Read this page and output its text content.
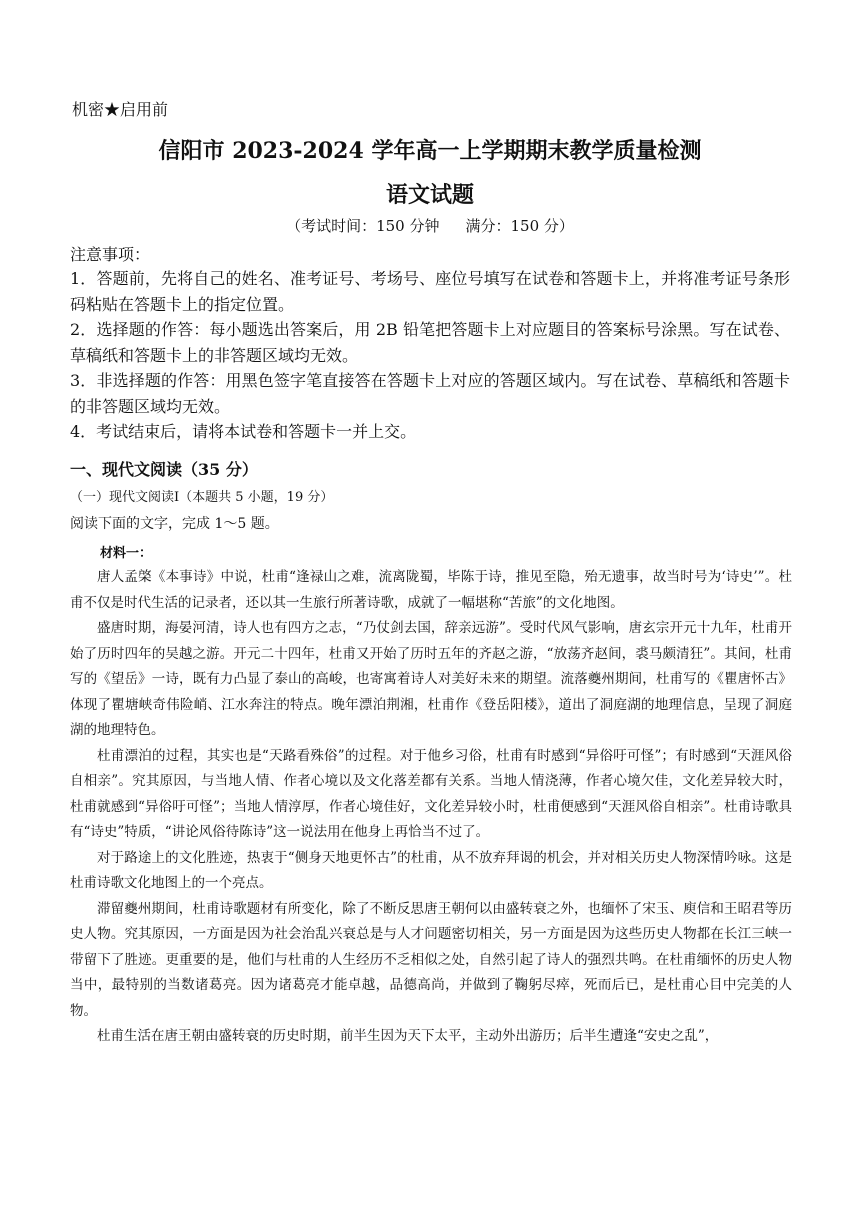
机密★启用前
信阳市 2023-2024 学年高一上学期期末教学质量检测
语文试题
（考试时间：150 分钟 满分：150 分）
注意事项：

1．答题前，先将自己的姓名、准考证号、考场号、座位号填写在试卷和答题卡上，并将准考证号条形码粘贴在答题卡上的指定位置。

2．选择题的作答：每小题选出答案后，用 2B 铅笔把答题卡上对应题目的答案标号涂黑。写在试卷、草稿纸和答题卡上的非答题区域均无效。

3．非选择题的作答：用黑色签字笔直接答在答题卡上对应的答题区域内。写在试卷、草稿纸和答题卡的非答题区域均无效。

4．考试结束后，请将本试卷和答题卡一并上交。

一、现代文阅读（35 分）
（一）现代文阅读Ⅰ（本题共 5 小题，19 分）
阅读下面的文字，完成 1～5 题。
材料一：

唐人孟棨《本事诗》中说，杜甫“逢禄山之难，流离陇蜀，毕陈于诗，推见至隐，殆无遗事，故当时号为‘诗史’”。杜甫不仅是时代生活的记录者，还以其一生旅行所著诗歌，成就了一幅堪称“苦旅”的文化地图。

盛唐时期，海晏河清，诗人也有四方之志，“乃仗剑去国，辞亲远游”。受时代风气影响，唐玄宗开元十九年，杜甫开始了历时四年的吴越之游。开元二十四年，杜甫又开始了历时五年的齐赵之游，“放荡齐赵间，裘马颇清狂”。其间，杜甫写的《望岳》一诗，既有力凸显了泰山的高峻，也寄寓着诗人对美好未来的期望。流落夔州期间，杜甫写的《瞿唐怀古》体现了瞿塘峡奇伟险峭、江水奔注的特点。晚年漂泊荆湘，杜甫作《登岳阳楼》，道出了洞庭湖的地理信息，呈现了洞庭湖的地理特色。

杜甫漂泊的过程，其实也是“天路看殊俗”的过程。对于他乡习俗，杜甫有时感到“异俗吁可怪”；有时感到“天涯风俗自相亲”。究其原因，与当地人情、作者心境以及文化落差都有关系。当地人情浇薄，作者心境欠佳，文化差异较大时，杜甫就感到“异俗吁可怪”；当地人情淳厚，作者心境佳好，文化差异较小时，杜甫便感到“天涯风俗自相亲”。杜甫诗歌具有“诗史”特质，“讲论风俗待陈诗”这一说法用在他身上再恰当不过了。

对于路途上的文化胜迹，热衷于“侧身天地更怀古”的杜甫，从不放弃拜谒的机会，并对相关历史人物深情吟咏。这是杜甫诗歌文化地图上的一个亮点。

滞留夔州期间，杜甫诗歌题材有所变化，除了不断反思唐王朝何以由盛转衰之外，也缅怀了宋玉、庾信和王昭君等历史人物。究其原因，一方面是因为社会治乱兴衰总是与人才问题密切相关，另一方面是因为这些历史人物都在长江三峡一带留下了胜迹。更重要的是，他们与杜甫的人生经历不乏相似之处，自然引起了诗人的强烈共鸣。在杜甫缅怀的历史人物当中，最特别的当数诸葛亮。因为诸葛亮才能卓越，品德高尚，并做到了鞠躬尽瘁，死而后已，是杜甫心目中完美的人物。

杜甫生活在唐王朝由盛转衰的历史时期，前半生因为天下太平，主动外出游历；后半生遭逢“安史之乱”，
